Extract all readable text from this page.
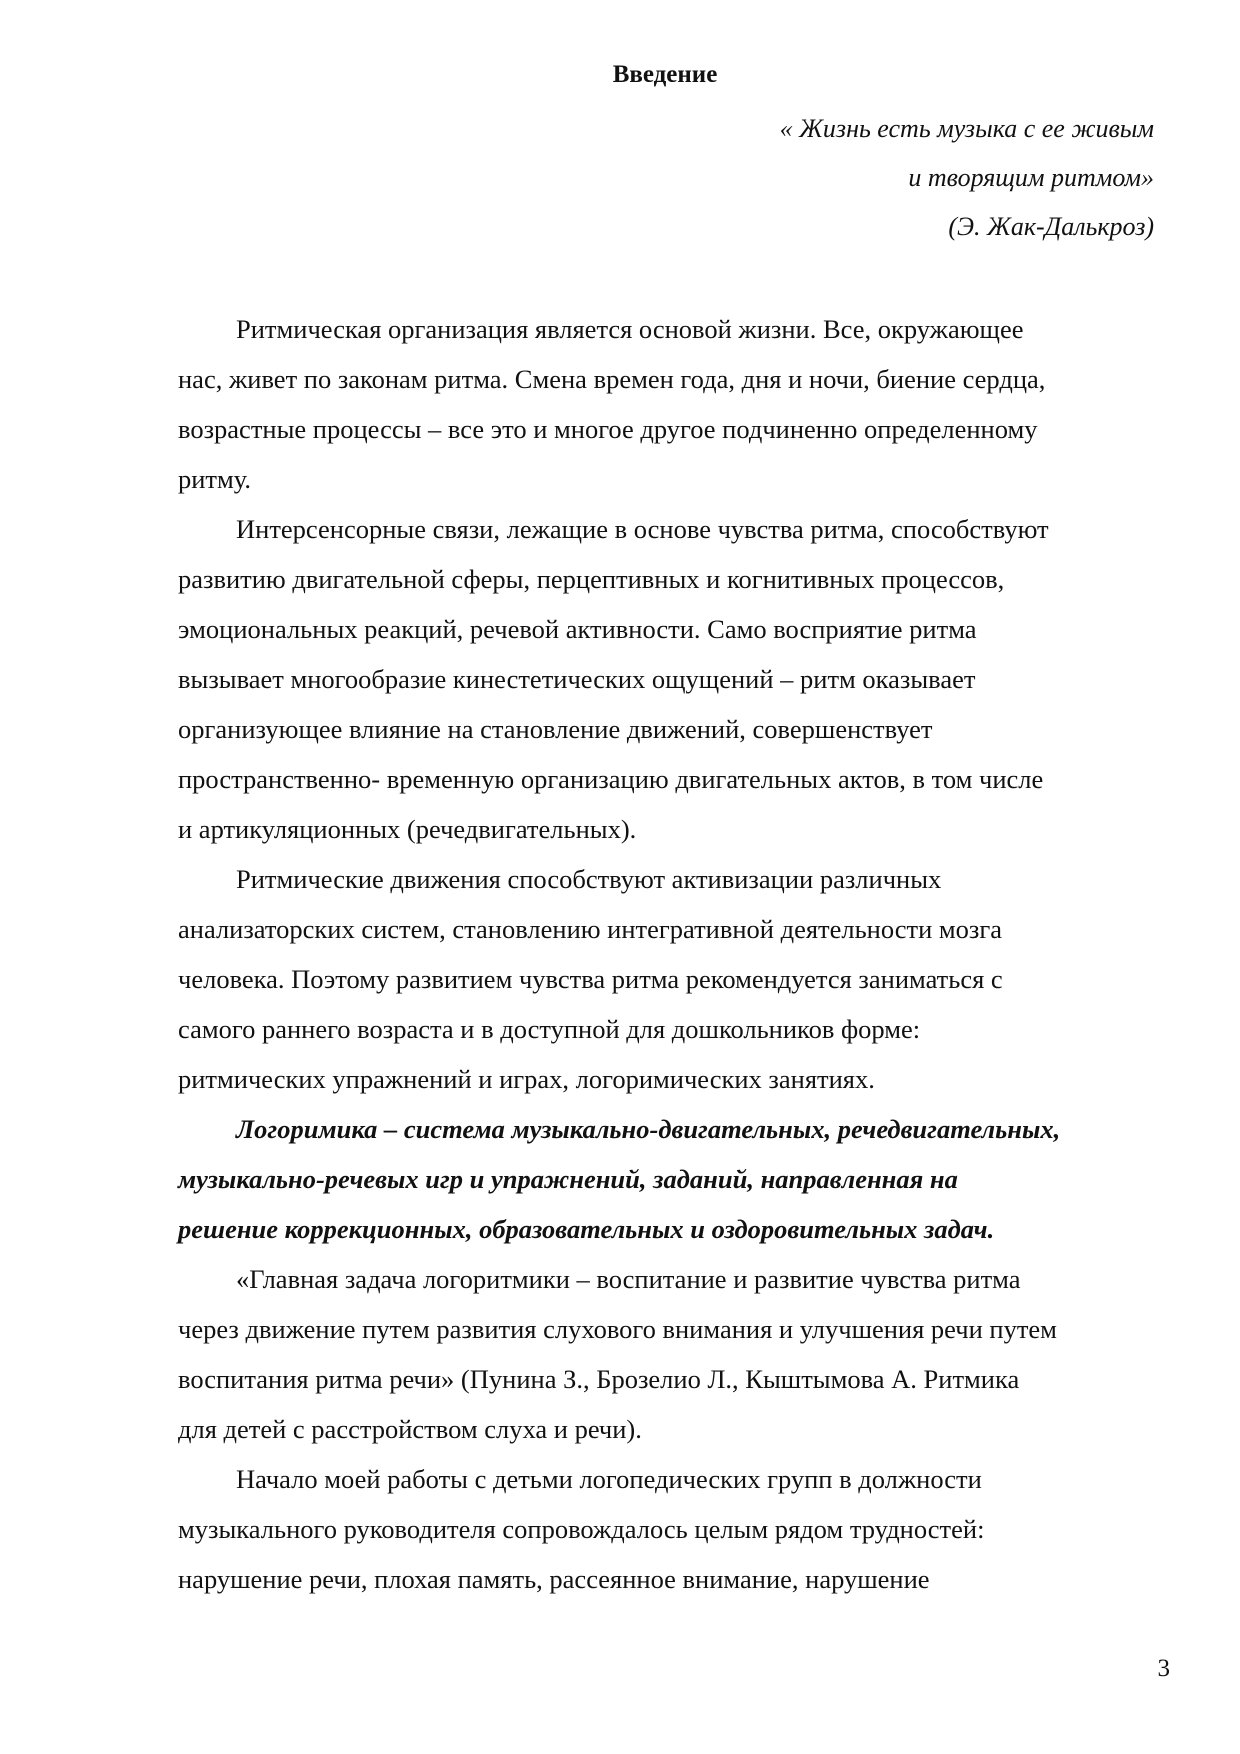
Введение
« Жизнь есть музыка с ее живым
и творящим ритмом»
(Э. Жак-Далькроз)

Ритмическая организация является основой жизни. Все, окружающее
нас, живет по законам ритма. Смена времен года, дня и ночи, биение сердца,
возрастные процессы – все это и многое другое подчиненно определенному
ритму.

Интерсенсорные связи, лежащие в основе чувства ритма, способствуют
развитию двигательной сферы, перцептивных и когнитивных процессов,
эмоциональных реакций, речевой активности. Само восприятие ритма
вызывает многообразие кинестетических ощущений – ритм оказывает
организующее влияние на становление движений, совершенствует
пространственно- временную организацию двигательных актов, в том числе
и артикуляционных (речедвигательных).

Ритмические движения способствуют активизации различных
анализаторских систем, становлению интегративной деятельности мозга
человека. Поэтому развитием чувства ритма рекомендуется заниматься с
самого раннего возраста и в доступной для дошкольников форме:
ритмических упражнений и играх, логоримических занятиях.

Логоримика – система музыкально-двигательных, речедвигательных,
музыкально-речевых игр и упражнений, заданий, направленная на
решение коррекционных, образовательных и оздоровительных задач.

«Главная задача логоритмики – воспитание и развитие чувства ритма
через движение путем развития слухового внимания и улучшения речи путем
воспитания ритма речи» (Пунина З., Брозелио Л., Кыштымова А. Ритмика
для детей с расстройством слуха и речи).

Начало моей работы с детьми логопедических групп в должности
музыкального руководителя сопровождалось целым рядом трудностей:
нарушение речи, плохая память, рассеянное внимание, нарушение

3
